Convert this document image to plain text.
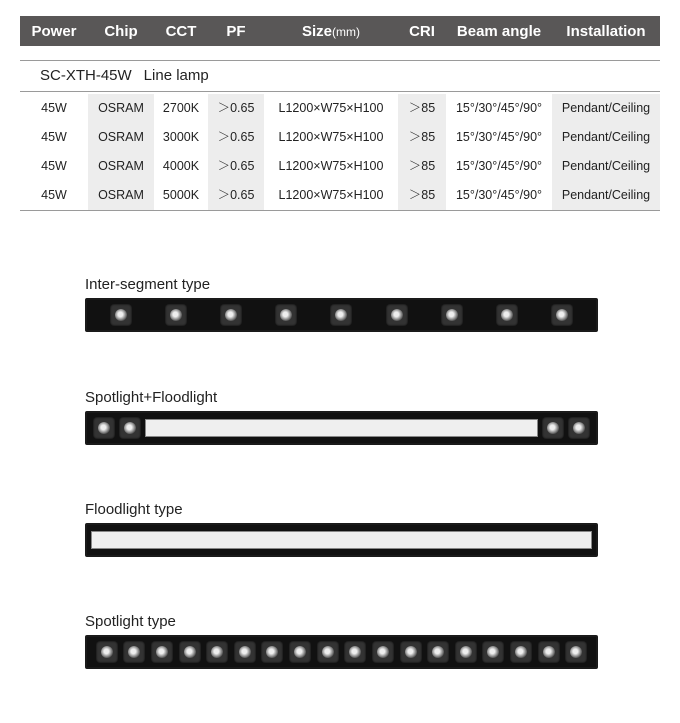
Power	Chip	CCT	PF	Size(mm)	CRI	Beam angle	Installation
SC-XTH-45W Line lamp
45W	OSRAM	2700K	＞0.65	L1200×W75×H100	＞85	15°/30°/45°/90°	Pendant/Ceiling
45W	OSRAM	3000K	＞0.65	L1200×W75×H100	＞85	15°/30°/45°/90°	Pendant/Ceiling
45W	OSRAM	4000K	＞0.65	L1200×W75×H100	＞85	15°/30°/45°/90°	Pendant/Ceiling
45W	OSRAM	5000K	＞0.65	L1200×W75×H100	＞85	15°/30°/45°/90°	Pendant/Ceiling
Inter-segment type
Spotlight+Floodlight
Floodlight type
Spotlight type
